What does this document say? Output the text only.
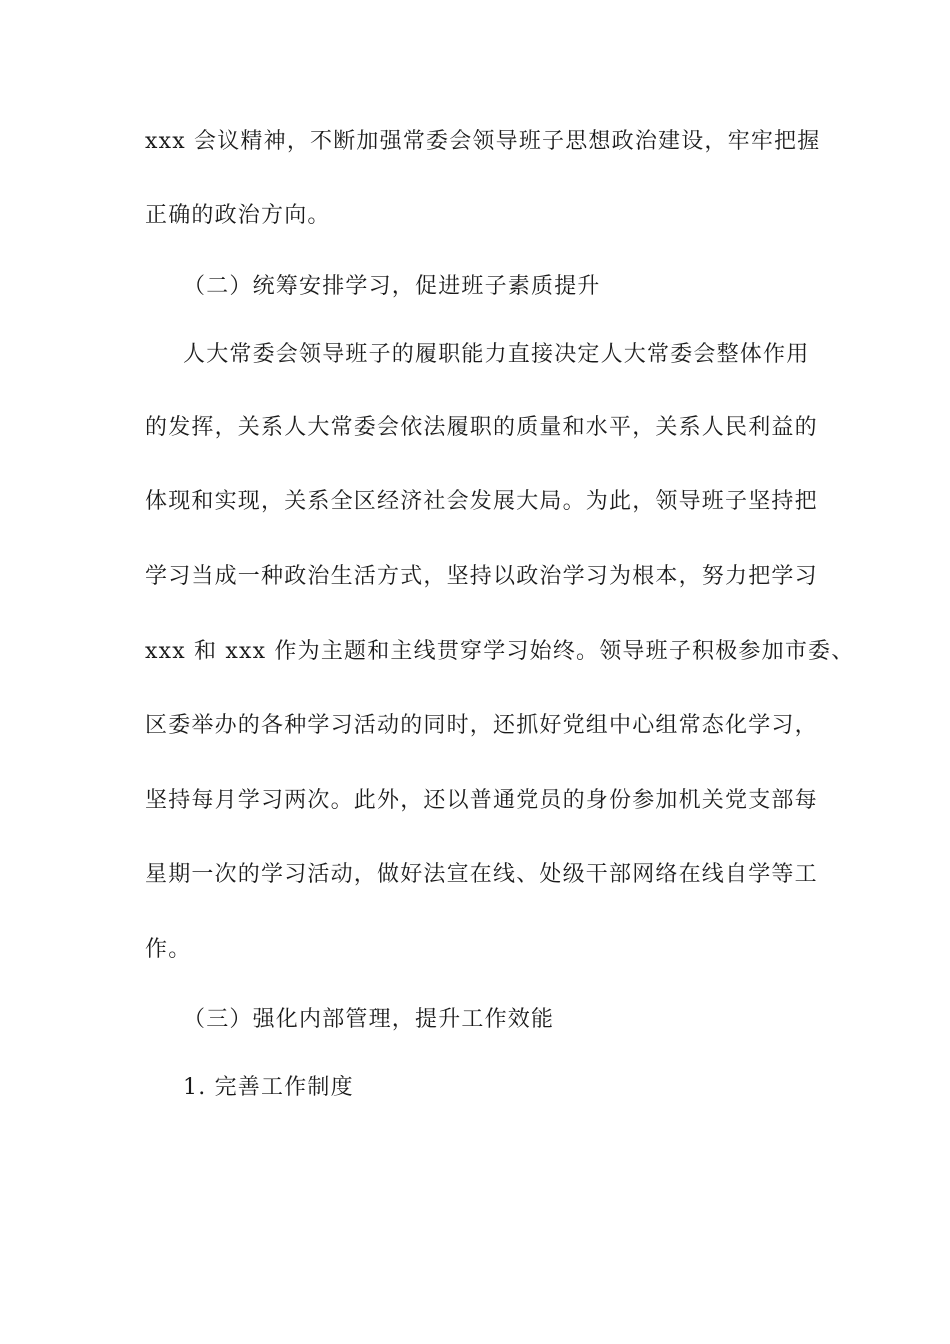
xxx 会议精神，不断加强常委会领导班子思想政治建设，牢牢把握
正确的政治方向。
（二）统筹安排学习，促进班子素质提升
人大常委会领导班子的履职能力直接决定人大常委会整体作用
的发挥，关系人大常委会依法履职的质量和水平，关系人民利益的
体现和实现，关系全区经济社会发展大局。为此，领导班子坚持把
学习当成一种政治生活方式，坚持以政治学习为根本，努力把学习
xxx 和 xxx 作为主题和主线贯穿学习始终。领导班子积极参加市委、
区委举办的各种学习活动的同时，还抓好党组中心组常态化学习，
坚持每月学习两次。此外，还以普通党员的身份参加机关党支部每
星期一次的学习活动，做好法宣在线、处级干部网络在线自学等工
作。
（三）强化内部管理，提升工作效能
1. 完善工作制度
